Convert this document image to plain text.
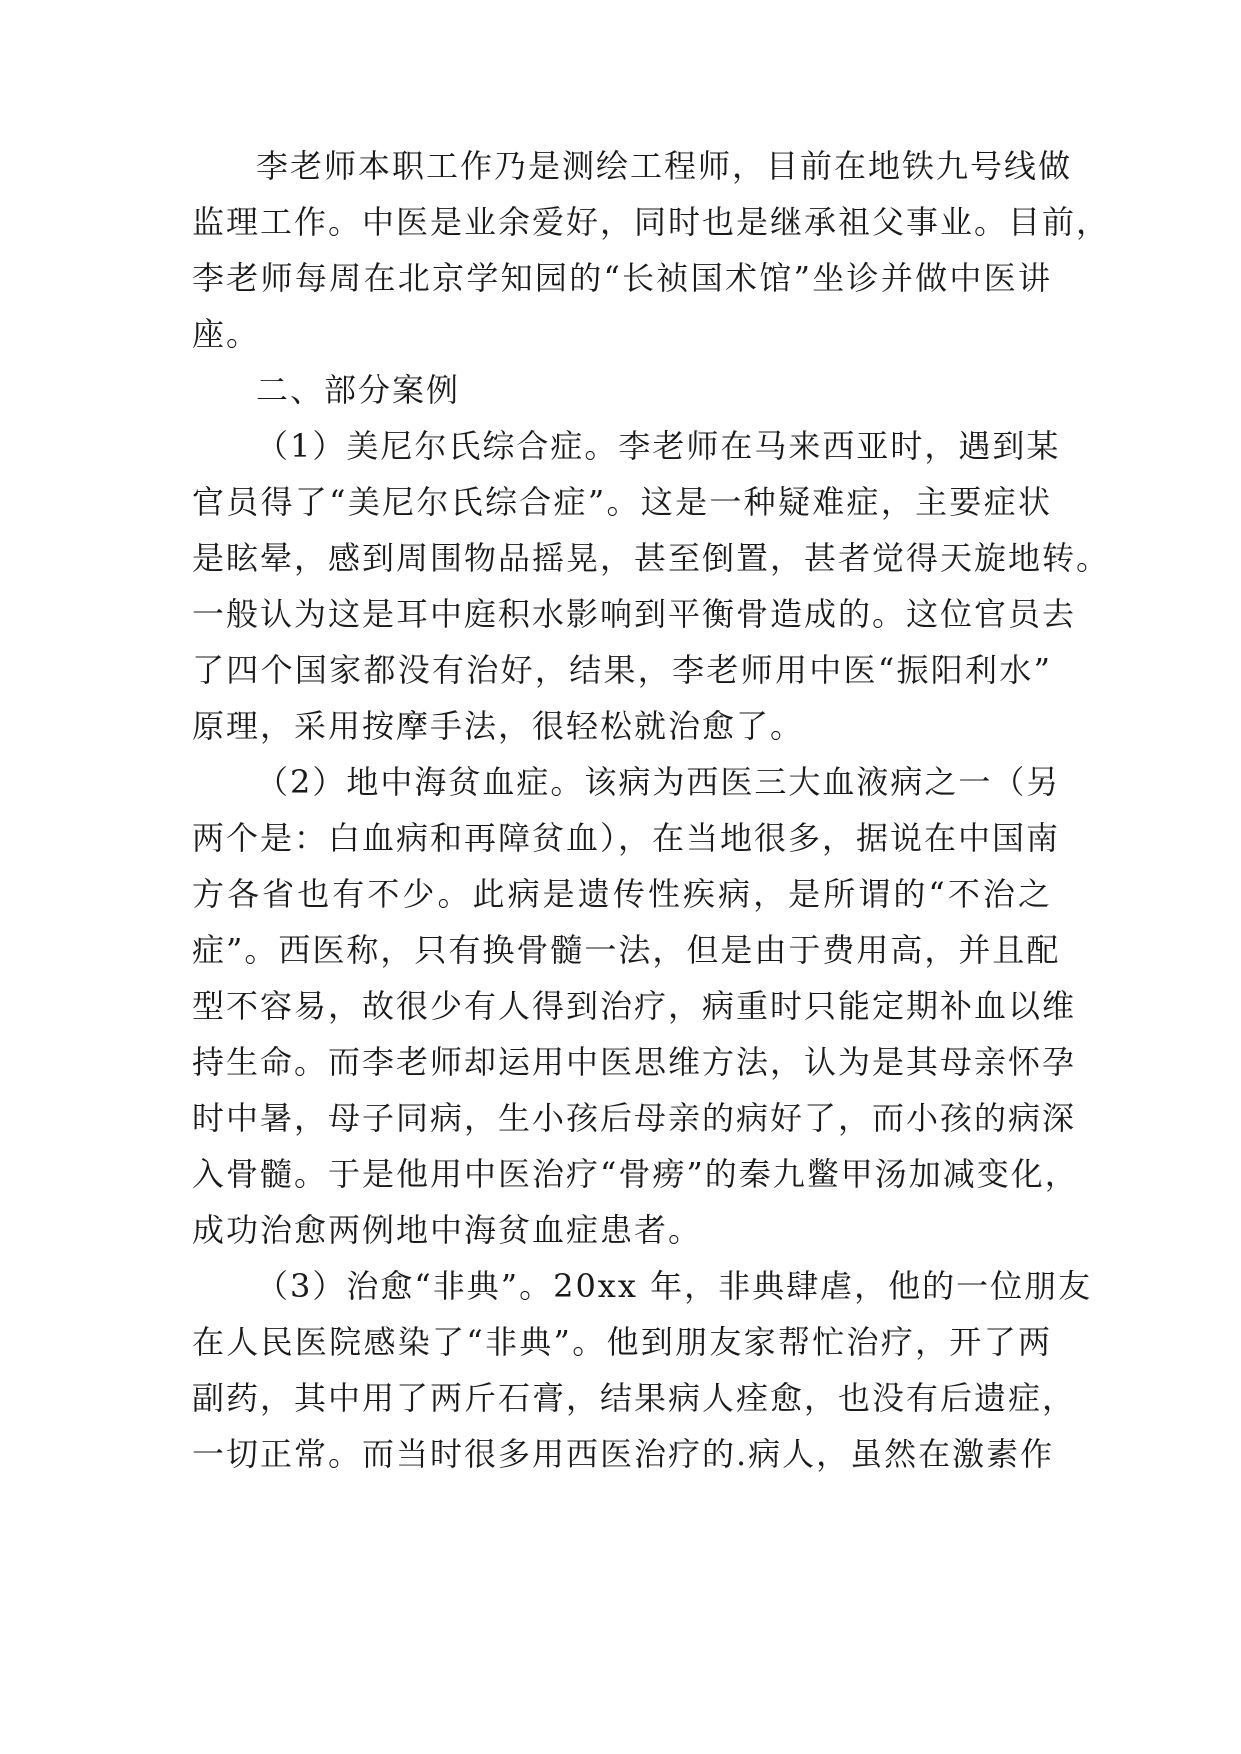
李老师本职工作乃是测绘工程师，目前在地铁九号线做
监理工作。中医是业余爱好，同时也是继承祖父事业。目前，
李老师每周在北京学知园的“长祯国术馆”坐诊并做中医讲
座。
二、部分案例
（1）美尼尔氏综合症。李老师在马来西亚时，遇到某
官员得了“美尼尔氏综合症”。这是一种疑难症，主要症状
是眩晕，感到周围物品摇晃，甚至倒置，甚者觉得天旋地转。
一般认为这是耳中庭积水影响到平衡骨造成的。这位官员去
了四个国家都没有治好，结果，李老师用中医“振阳利水”
原理，采用按摩手法，很轻松就治愈了。
（2）地中海贫血症。该病为西医三大血液病之一（另
两个是：白血病和再障贫血），在当地很多，据说在中国南
方各省也有不少。此病是遗传性疾病，是所谓的“不治之
症”。西医称，只有换骨髓一法，但是由于费用高，并且配
型不容易，故很少有人得到治疗，病重时只能定期补血以维
持生命。而李老师却运用中医思维方法，认为是其母亲怀孕
时中暑，母子同病，生小孩后母亲的病好了，而小孩的病深
入骨髓。于是他用中医治疗“骨痨”的秦九鳖甲汤加减变化，
成功治愈两例地中海贫血症患者。
（3）治愈“非典”。20xx 年，非典肆虐，他的一位朋友
在人民医院感染了“非典”。他到朋友家帮忙治疗，开了两
副药，其中用了两斤石膏，结果病人痊愈，也没有后遗症，
一切正常。而当时很多用西医治疗的.病人，虽然在激素作
